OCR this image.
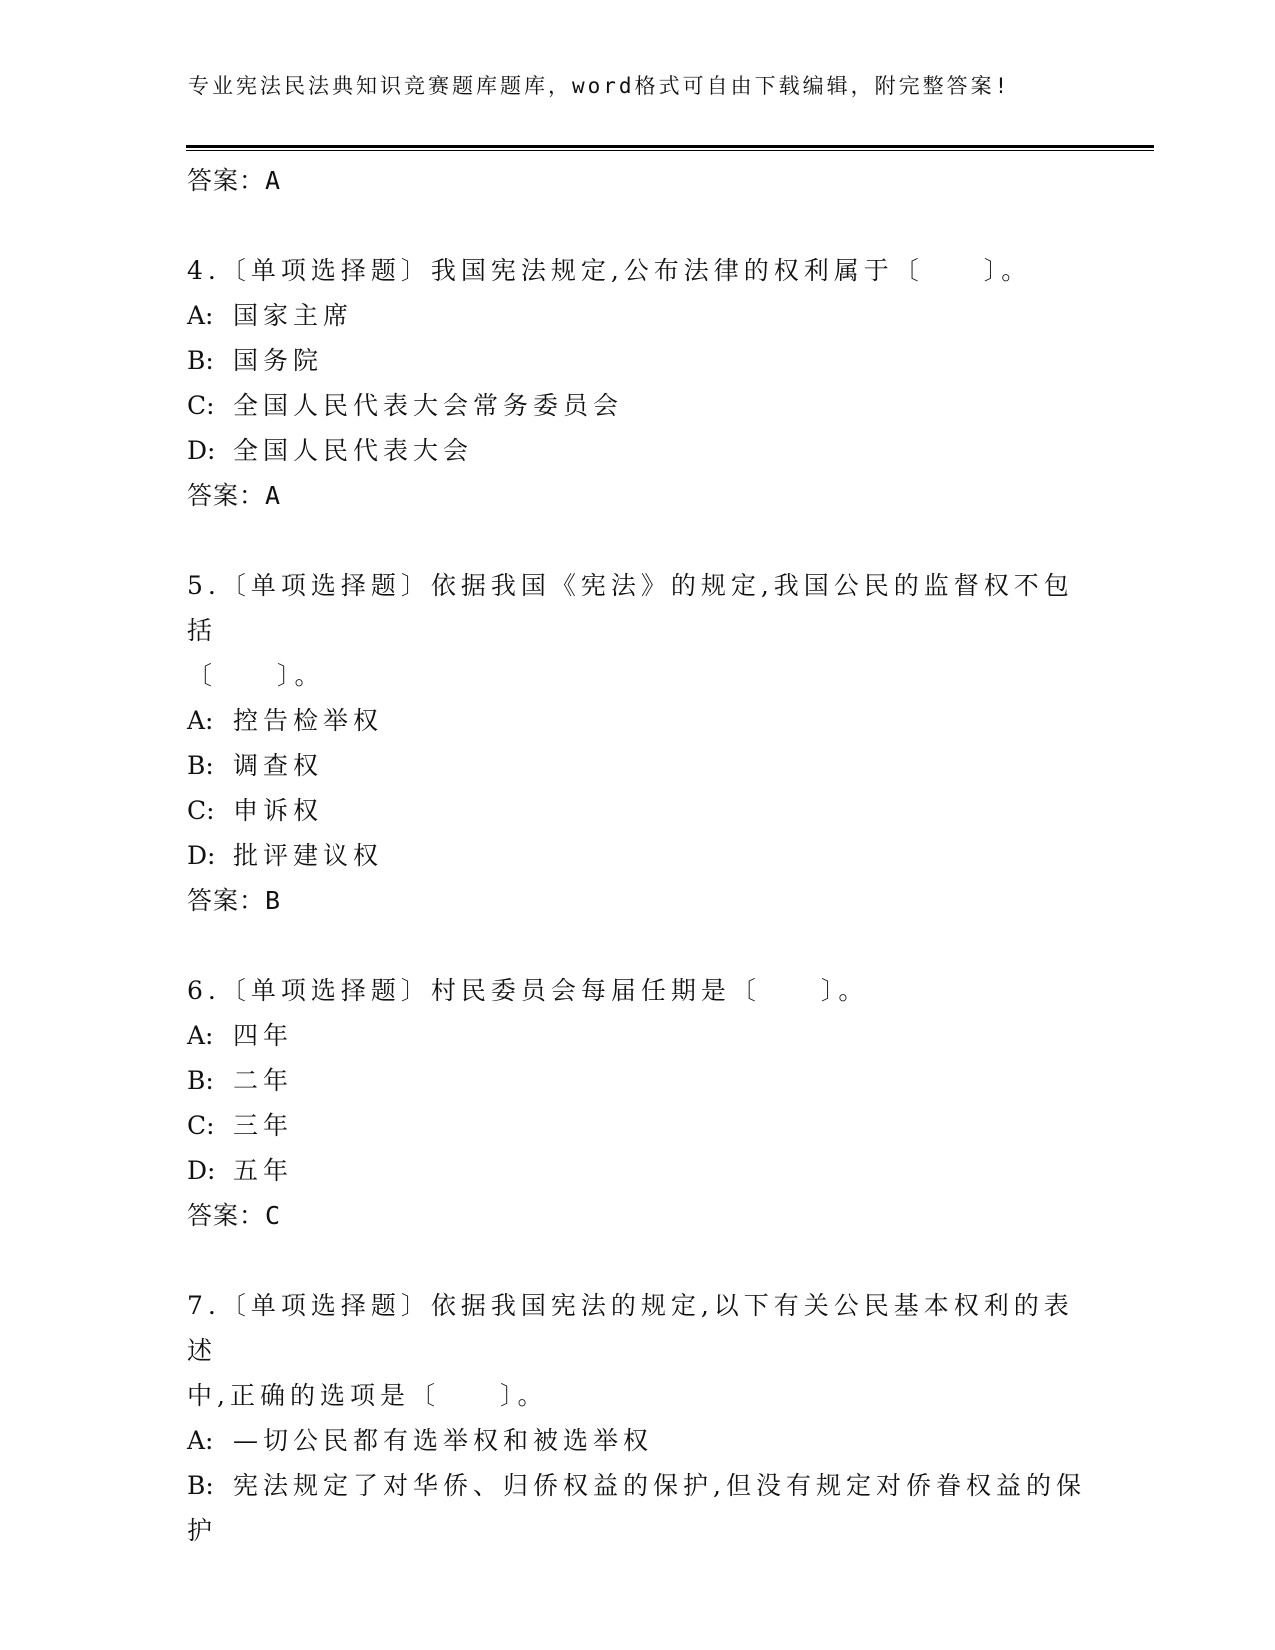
专业宪法民法典知识竞赛题库题库，word格式可自由下载编辑，附完整答案!
答案：A
4.〔单项选择题〕我国宪法规定,公布法律的权利属于〔　　〕。
A: 国家主席
B: 国务院
C: 全国人民代表大会常务委员会
D: 全国人民代表大会
答案：A
5.〔单项选择题〕依据我国《宪法》的规定,我国公民的监督权不包括
〔　　〕。
A: 控告检举权
B: 调查权
C: 申诉权
D: 批评建议权
答案：B
6.〔单项选择题〕村民委员会每届任期是〔　　〕。
A: 四年
B: 二年
C: 三年
D: 五年
答案：C
7.〔单项选择题〕依据我国宪法的规定,以下有关公民基本权利的表述
中,正确的选项是〔　　〕。
A: —切公民都有选举权和被选举权
B: 宪法规定了对华侨、归侨权益的保护,但没有规定对侨眷权益的保
护
